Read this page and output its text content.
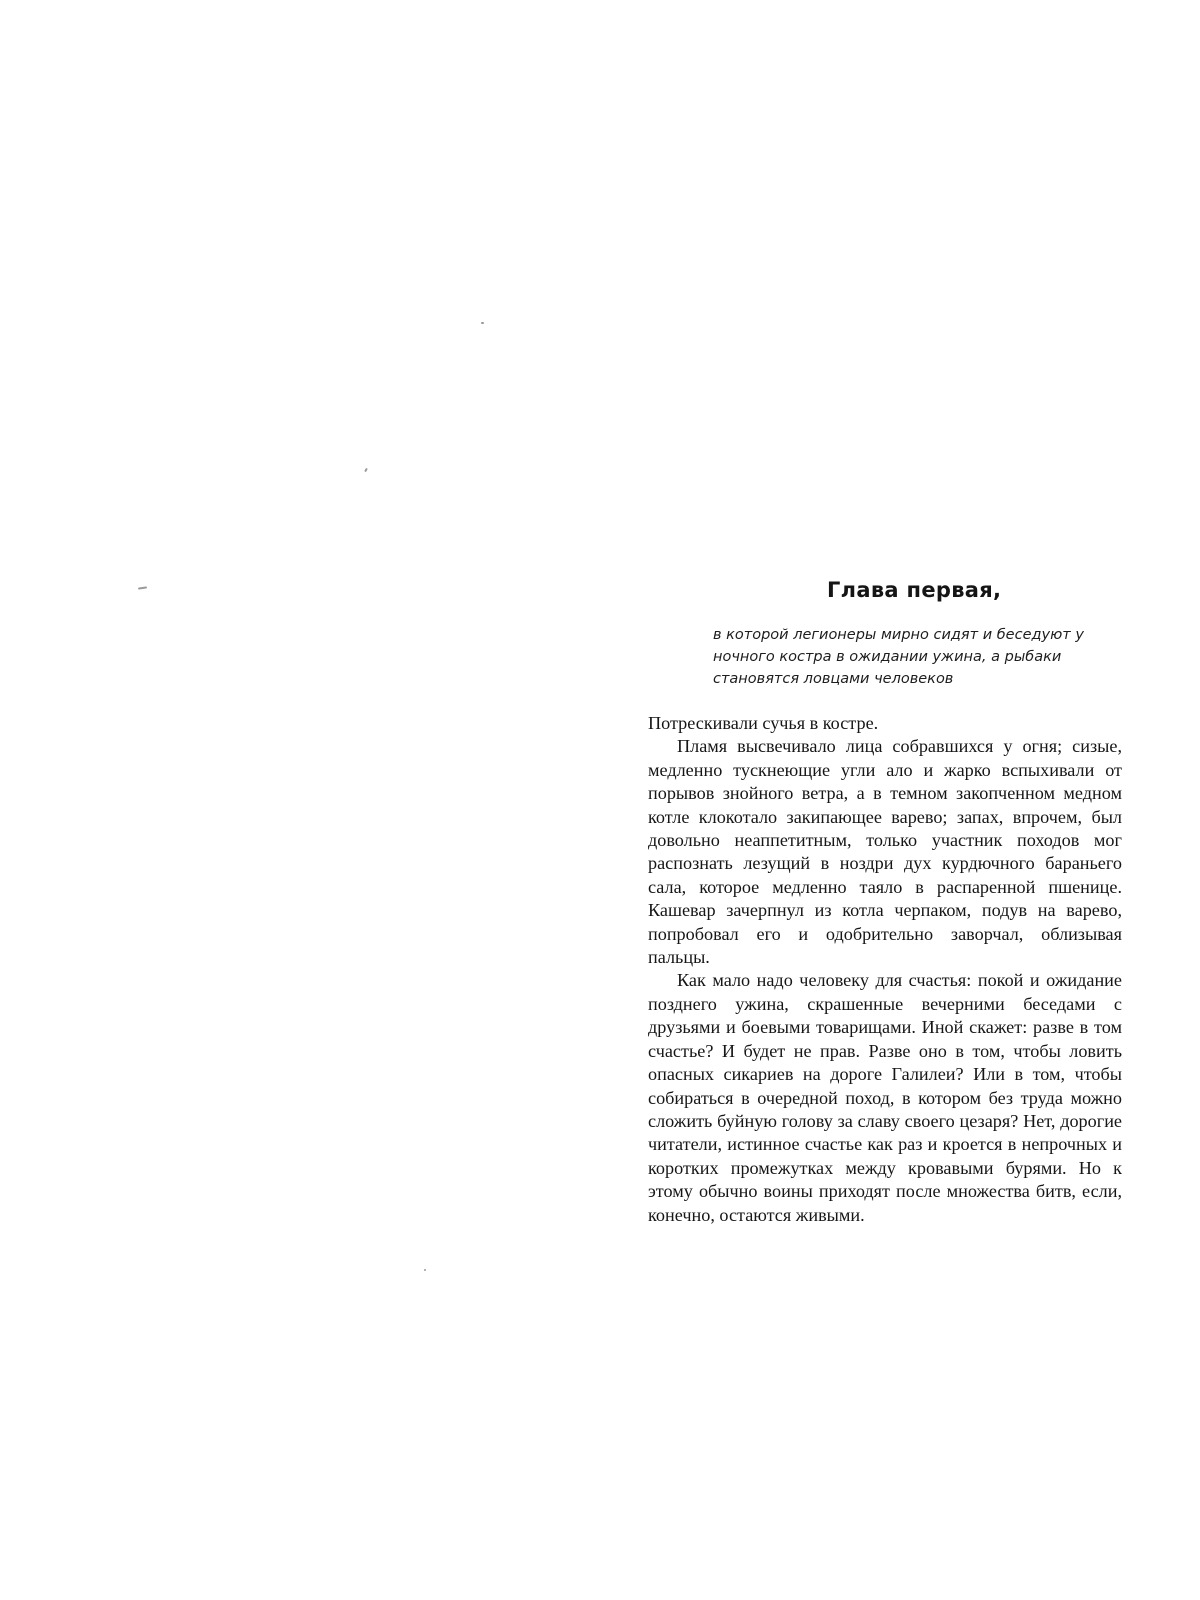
Глава первая,

в которой легионеры мирно сидят и беседуют у ночного костра в ожидании ужина, а рыбаки становятся ловцами человеков

Потрескивали сучья в костре.

Пламя высвечивало лица собравшихся у огня; сизые, медленно тускнеющие угли ало и жарко вспыхивали от порывов знойного ветра, а в темном закопченном медном котле клокотало закипающее варево; запах, впрочем, был довольно неаппетитным, только участник походов мог распознать лезущий в ноздри дух курдючного бараньего сала, которое медленно таяло в распаренной пшенице. Кашевар зачерпнул из котла черпаком, подув на варево, попробовал его и одобрительно заворчал, облизывая пальцы.

Как мало надо человеку для счастья: покой и ожидание позднего ужина, скрашенные вечерними беседами с друзьями и боевыми товарищами. Иной скажет: разве в том счастье? И будет не прав. Разве оно в том, чтобы ловить опасных сикариев на дороге Галилеи? Или в том, чтобы собираться в очередной поход, в котором без труда можно сложить буйную голову за славу своего цезаря? Нет, дорогие читатели, истинное счастье как раз и кроется в непрочных и коротких промежутках между кровавыми бурями. Но к этому обычно воины приходят после множества битв, если, конечно, остаются живыми.
